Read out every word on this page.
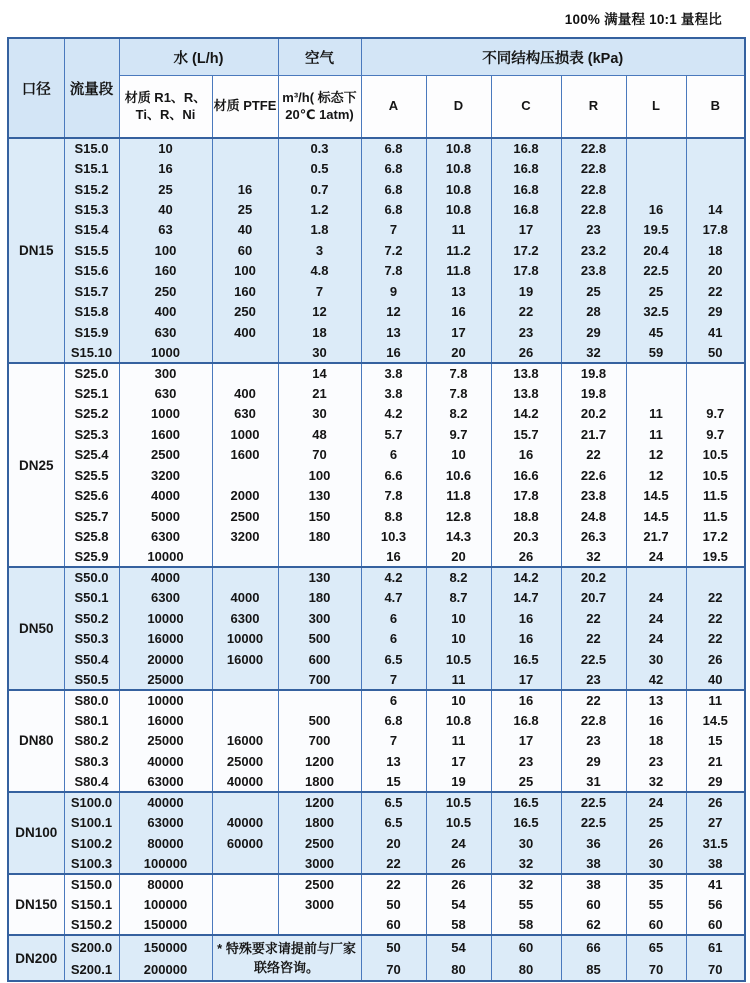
100% 满量程 10:1 量程比
口径	流量段	水 (L/h)		空气	不同结构压损表 (kPa)					
		材质 R1、R、Ti、R、Ni	材质 PTFE	m³/h( 标态下 20℃ 1atm)	A	D	C	R	L	B
DN15	S15.0	10		0.3	6.8	10.8	16.8	22.8		
	S15.1	16		0.5	6.8	10.8	16.8	22.8		
	S15.2	25	16	0.7	6.8	10.8	16.8	22.8		
	S15.3	40	25	1.2	6.8	10.8	16.8	22.8	16	14
	S15.4	63	40	1.8	7	11	17	23	19.5	17.8
	S15.5	100	60	3	7.2	11.2	17.2	23.2	20.4	18
	S15.6	160	100	4.8	7.8	11.8	17.8	23.8	22.5	20
	S15.7	250	160	7	9	13	19	25	25	22
	S15.8	400	250	12	12	16	22	28	32.5	29
	S15.9	630	400	18	13	17	23	29	45	41
	S15.10	1000		30	16	20	26	32	59	50
DN25	S25.0	300		14	3.8	7.8	13.8	19.8		
	S25.1	630	400	21	3.8	7.8	13.8	19.8		
	S25.2	1000	630	30	4.2	8.2	14.2	20.2	11	9.7
	S25.3	1600	1000	48	5.7	9.7	15.7	21.7	11	9.7
	S25.4	2500	1600	70	6	10	16	22	12	10.5
	S25.5	3200		100	6.6	10.6	16.6	22.6	12	10.5
	S25.6	4000	2000	130	7.8	11.8	17.8	23.8	14.5	11.5
	S25.7	5000	2500	150	8.8	12.8	18.8	24.8	14.5	11.5
	S25.8	6300	3200	180	10.3	14.3	20.3	26.3	21.7	17.2
	S25.9	10000			16	20	26	32	24	19.5
DN50	S50.0	4000		130	4.2	8.2	14.2	20.2		
	S50.1	6300	4000	180	4.7	8.7	14.7	20.7	24	22
	S50.2	10000	6300	300	6	10	16	22	24	22
	S50.3	16000	10000	500	6	10	16	22	24	22
	S50.4	20000	16000	600	6.5	10.5	16.5	22.5	30	26
	S50.5	25000		700	7	11	17	23	42	40
DN80	S80.0	10000			6	10	16	22	13	11
	S80.1	16000		500	6.8	10.8	16.8	22.8	16	14.5
	S80.2	25000	16000	700	7	11	17	23	18	15
	S80.3	40000	25000	1200	13	17	23	29	23	21
	S80.4	63000	40000	1800	15	19	25	31	32	29
DN100	S100.0	40000		1200	6.5	10.5	16.5	22.5	24	26
	S100.1	63000	40000	1800	6.5	10.5	16.5	22.5	25	27
	S100.2	80000	60000	2500	20	24	30	36	26	31.5
	S100.3	100000		3000	22	26	32	38	30	38
DN150	S150.0	80000		2500	22	26	32	38	35	41
	S150.1	100000		3000	50	54	55	60	55	56
	S150.2	150000			60	58	58	62	60	60
DN200	S200.0	150000	* 特殊要求请提前与厂家联络咨询。		50	54	60	66	65	61
	S200.1	200000			70	80	80	85	70	70
